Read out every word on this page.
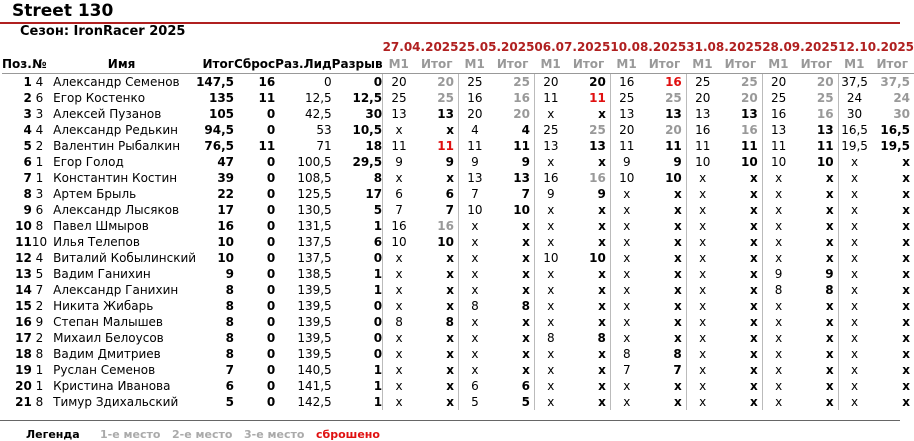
Street 130
Сезон: IronRacer 2025
							27.04.2025		25.05.2025		06.07.2025		10.08.2025		31.08.2025		28.09.2025		12.10.2025	
Поз.	№	Имя	Итог	Сброс	Раз.Лид	Разрыв	M1	Итог	M1	Итог	M1	Итог	M1	Итог	M1	Итог	M1	Итог	M1	Итог
1	4	Александр Семенов	147,5	16	0	0	20	20	25	25	20	20	16	16	25	25	20	20	37,5	37,5
2	6	Егор Костенко	135	11	12,5	12,5	25	25	16	16	11	11	25	25	20	20	25	25	24	24
3	3	Алексей Пузанов	105	0	42,5	30	13	13	20	20	x	x	13	13	13	13	16	16	30	30
4	4	Александр Редькин	94,5	0	53	10,5	x	x	4	4	25	25	20	20	16	16	13	13	16,5	16,5
5	2	Валентин Рыбалкин	76,5	11	71	18	11	11	11	11	13	13	11	11	11	11	11	11	19,5	19,5
6	1	Егор Голод	47	0	100,5	29,5	9	9	9	9	x	x	9	9	10	10	10	10	x	x
7	1	Константин Костин	39	0	108,5	8	x	x	13	13	16	16	10	10	x	x	x	x	x	x
8	3	Артем Брыль	22	0	125,5	17	6	6	7	7	9	9	x	x	x	x	x	x	x	x
9	6	Александр Лысяков	17	0	130,5	5	7	7	10	10	x	x	x	x	x	x	x	x	x	x
10	8	Павел Шмыров	16	0	131,5	1	16	16	x	x	x	x	x	x	x	x	x	x	x	x
11	10	Илья Телепов	10	0	137,5	6	10	10	x	x	x	x	x	x	x	x	x	x	x	x
12	4	Виталий Кобылинский	10	0	137,5	0	x	x	x	x	10	10	x	x	x	x	x	x	x	x
13	5	Вадим Ганихин	9	0	138,5	1	x	x	x	x	x	x	x	x	x	x	9	9	x	x
14	7	Александр Ганихин	8	0	139,5	1	x	x	x	x	x	x	x	x	x	x	8	8	x	x
15	2	Никита Жибарь	8	0	139,5	0	x	x	8	8	x	x	x	x	x	x	x	x	x	x
16	9	Степан Малышев	8	0	139,5	0	8	8	x	x	x	x	x	x	x	x	x	x	x	x
17	2	Михаил Белоусов	8	0	139,5	0	x	x	x	x	8	8	x	x	x	x	x	x	x	x
18	8	Вадим Дмитриев	8	0	139,5	0	x	x	x	x	x	x	8	8	x	x	x	x	x	x
19	1	Руслан Семенов	7	0	140,5	1	x	x	x	x	x	x	7	7	x	x	x	x	x	x
20	1	Кристина Иванова	6	0	141,5	1	x	x	6	6	x	x	x	x	x	x	x	x	x	x
21	8	Тимур Здихальский	5	0	142,5	1	x	x	5	5	x	x	x	x	x	x	x	x	x	x
Легенда 1-е место 2-е место 3-е место сброшено
